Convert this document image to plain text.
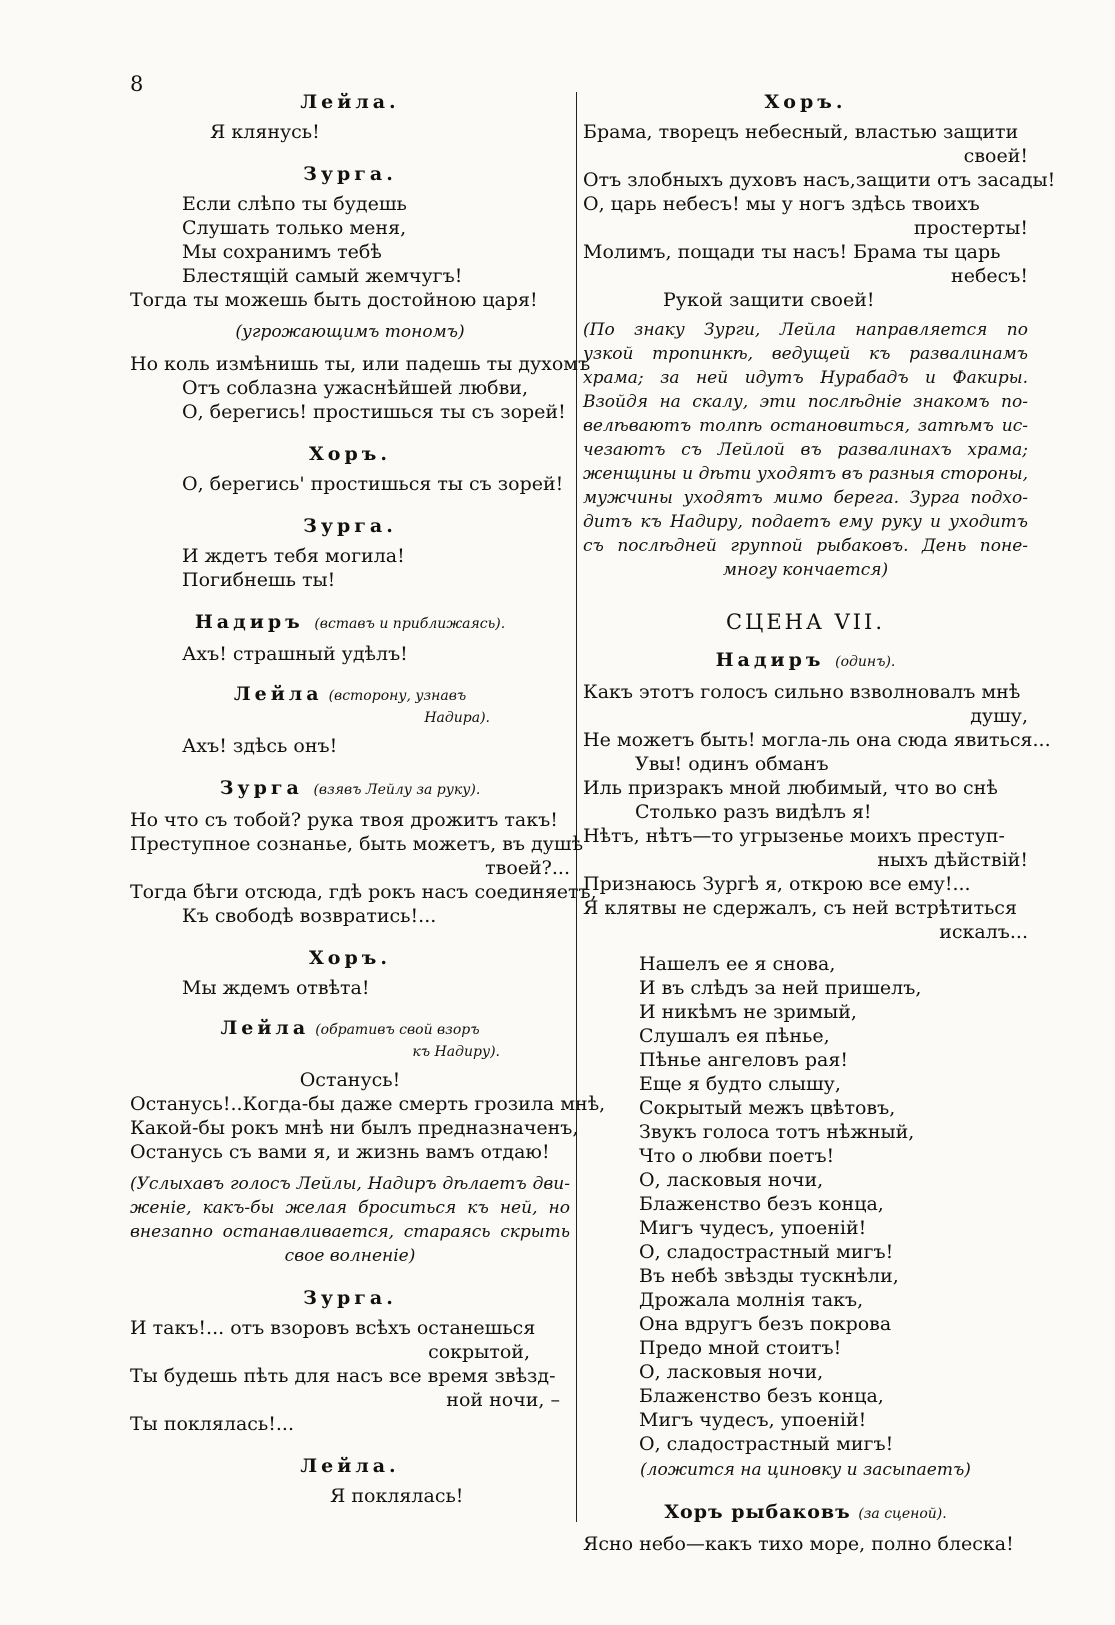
8
Лейла.
Я клянусь!
Зурга.
Если слѣпо ты будешь
Слушать только меня,
Мы сохранимъ тебѣ
Блестящій самый жемчугъ!
Тогда ты можешь быть достойною царя!
(угрожающимъ тономъ)
Но коль измѣнишь ты, или падешь ты духомъ
Отъ соблазна ужаснѣйшей любви,
О, берегись! простишься ты съ зорей!
Хоръ.
О, берегись' простишься ты съ зорей!
Зурга.
И ждетъ тебя могила!
Погибнешь ты!
Надиръ (вставъ и приближаясь).
Ахъ! страшный удѣлъ!
Лейла (всторону, узнавъ
Надира).
Ахъ! здѣсь онъ!
Зурга (взявъ Лейлу за руку).
Но что съ тобой? рука твоя дрожитъ такъ!
Преступное сознанье, быть можетъ, въ душѣ
твоей?...
Тогда бѣги отсюда, гдѣ рокъ насъ соединяетъ,
Къ свободѣ возвратись!...
Хоръ.
Мы ждемъ отвѣта!
Лейла (обративъ свой взоръ
къ Надиру).
Останусь!
Останусь!..Когда-бы даже смерть грозила мнѣ,
Какой-бы рокъ мнѣ ни былъ предназначенъ,
Останусь съ вами я, и жизнь вамъ отдаю!
(Услыхавъ голосъ Лейлы, Надиръ дѣлаетъ дви-
женіе, какъ-бы желая броситься къ ней, но
внезапно останавливается, стараясь скрыть
свое волненіе)
Зурга.
И такъ!... отъ взоровъ всѣхъ останешься
сокрытой,
Ты будешь пѣть для насъ все время звѣзд-
ной ночи, –
Ты поклялась!...
Лейла.
Я поклялась!
Хоръ.
Брама, творецъ небесный, властью защити
своей!
Отъ злобныхъ духовъ насъ,защити отъ засады!
О, царь небесъ! мы у ногъ здѣсь твоихъ
простерты!
Молимъ, пощади ты насъ! Брама ты царь
небесъ!
Рукой защити своей!
(По знаку Зурги, Лейла направляется по
узкой тропинкѣ, ведущей къ развалинамъ
храма; за ней идутъ Нурабадъ и Факиры.
Взойдя на скалу, эти послѣдніе знакомъ по-
велѣваютъ толпѣ остановиться, затѣмъ ис-
чезаютъ съ Лейлой въ развалинахъ храма;
женщины и дѣти уходятъ въ разныя стороны,
мужчины уходятъ мимо берега. Зурга подхо-
дитъ къ Надиру, подаетъ ему руку и уходитъ
съ послѣдней группой рыбаковъ. День поне-
многу кончается)
СЦЕНА VII.
Надиръ (одинъ).
Какъ этотъ голосъ сильно взволновалъ мнѣ
душу,
Не можетъ быть! могла-ль она сюда явиться...
Увы! одинъ обманъ
Иль призракъ мной любимый, что во снѣ
Столько разъ видѣлъ я!
Нѣтъ, нѣтъ—то угрызенье моихъ преступ-
ныхъ дѣйствій!
Признаюсь Зургѣ я, открою все ему!...
Я клятвы не сдержалъ, съ ней встрѣтиться
искалъ...
Нашелъ ее я снова,
И въ слѣдъ за ней пришелъ,
И никѣмъ не зримый,
Слушалъ ея пѣнье,
Пѣнье ангеловъ рая!
Еще я будто слышу,
Сокрытый межъ цвѣтовъ,
Звукъ голоса тотъ нѣжный,
Что о любви поетъ!
О, ласковыя ночи,
Блаженство безъ конца,
Мигъ чудесъ, упоеній!
О, сладострастный мигъ!
Въ небѣ звѣзды тускнѣли,
Дрожала молнія такъ,
Она вдругъ безъ покрова
Предо мной стоитъ!
О, ласковыя ночи,
Блаженство безъ конца,
Мигъ чудесъ, упоеній!
О, сладострастный мигъ!
(ложится на циновку и засыпаетъ)
Хоръ рыбаковъ (за сценой).
Ясно небо—какъ тихо море, полно блеска!
